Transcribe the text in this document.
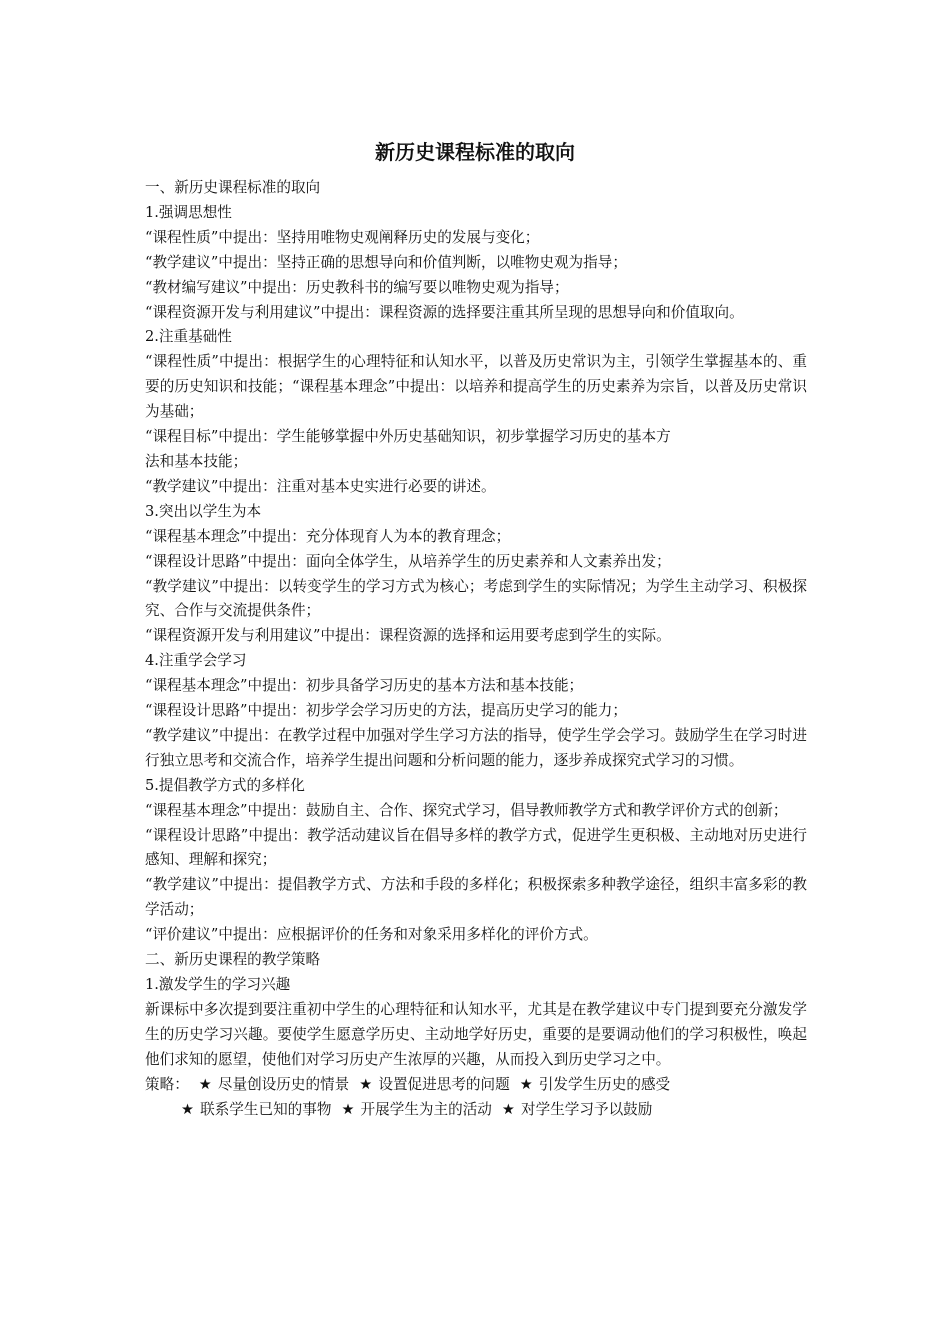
新历史课程标准的取向

一、新历史课程标准的取向

1.强调思想性

“课程性质”中提出：坚持用唯物史观阐释历史的发展与变化；

“教学建议”中提出：坚持正确的思想导向和价值判断，以唯物史观为指导；

“教材编写建议”中提出：历史教科书的编写要以唯物史观为指导；

“课程资源开发与利用建议”中提出：课程资源的选择要注重其所呈现的思想导向和价值取向。

2.注重基础性

“课程性质”中提出：根据学生的心理特征和认知水平，以普及历史常识为主，引领学生掌握基本的、重要的历史知识和技能；“课程基本理念”中提出：以培养和提高学生的历史素养为宗旨，以普及历史常识为基础；

“课程目标”中提出：学生能够掌握中外历史基础知识，初步掌握学习历史的基本方

法和基本技能；

“教学建议”中提出：注重对基本史实进行必要的讲述。

3.突出以学生为本

“课程基本理念”中提出：充分体现育人为本的教育理念；

“课程设计思路”中提出：面向全体学生，从培养学生的历史素养和人文素养出发；

“教学建议”中提出：以转变学生的学习方式为核心；考虑到学生的实际情况；为学生主动学习、积极探究、合作与交流提供条件；

“课程资源开发与利用建议”中提出：课程资源的选择和运用要考虑到学生的实际。

4.注重学会学习

“课程基本理念”中提出：初步具备学习历史的基本方法和基本技能；

“课程设计思路”中提出：初步学会学习历史的方法，提高历史学习的能力；

“教学建议”中提出：在教学过程中加强对学生学习方法的指导，使学生学会学习。鼓励学生在学习时进行独立思考和交流合作，培养学生提出问题和分析问题的能力，逐步养成探究式学习的习惯。

5.提倡教学方式的多样化

“课程基本理念”中提出：鼓励自主、合作、探究式学习，倡导教师教学方式和教学评价方式的创新；

“课程设计思路”中提出：教学活动建议旨在倡导多样的教学方式，促进学生更积极、主动地对历史进行感知、理解和探究；

“教学建议”中提出：提倡教学方式、方法和手段的多样化；积极探索多种教学途径，组织丰富多彩的教学活动；

“评价建议”中提出：应根据评价的任务和对象采用多样化的评价方式。

二、新历史课程的教学策略

1.激发学生的学习兴趣

新课标中多次提到要注重初中学生的心理特征和认知水平，尤其是在教学建议中专门提到要充分激发学生的历史学习兴趣。要使学生愿意学历史、主动地学好历史，重要的是要调动他们的学习积极性，唤起他们求知的愿望，使他们对学习历史产生浓厚的兴趣，从而投入到历史学习之中。

策略： ★ 尽量创设历史的情景 ★ 设置促进思考的问题 ★ 引发学生历史的感受
★ 联系学生已知的事物 ★ 开展学生为主的活动 ★ 对学生学习予以鼓励
